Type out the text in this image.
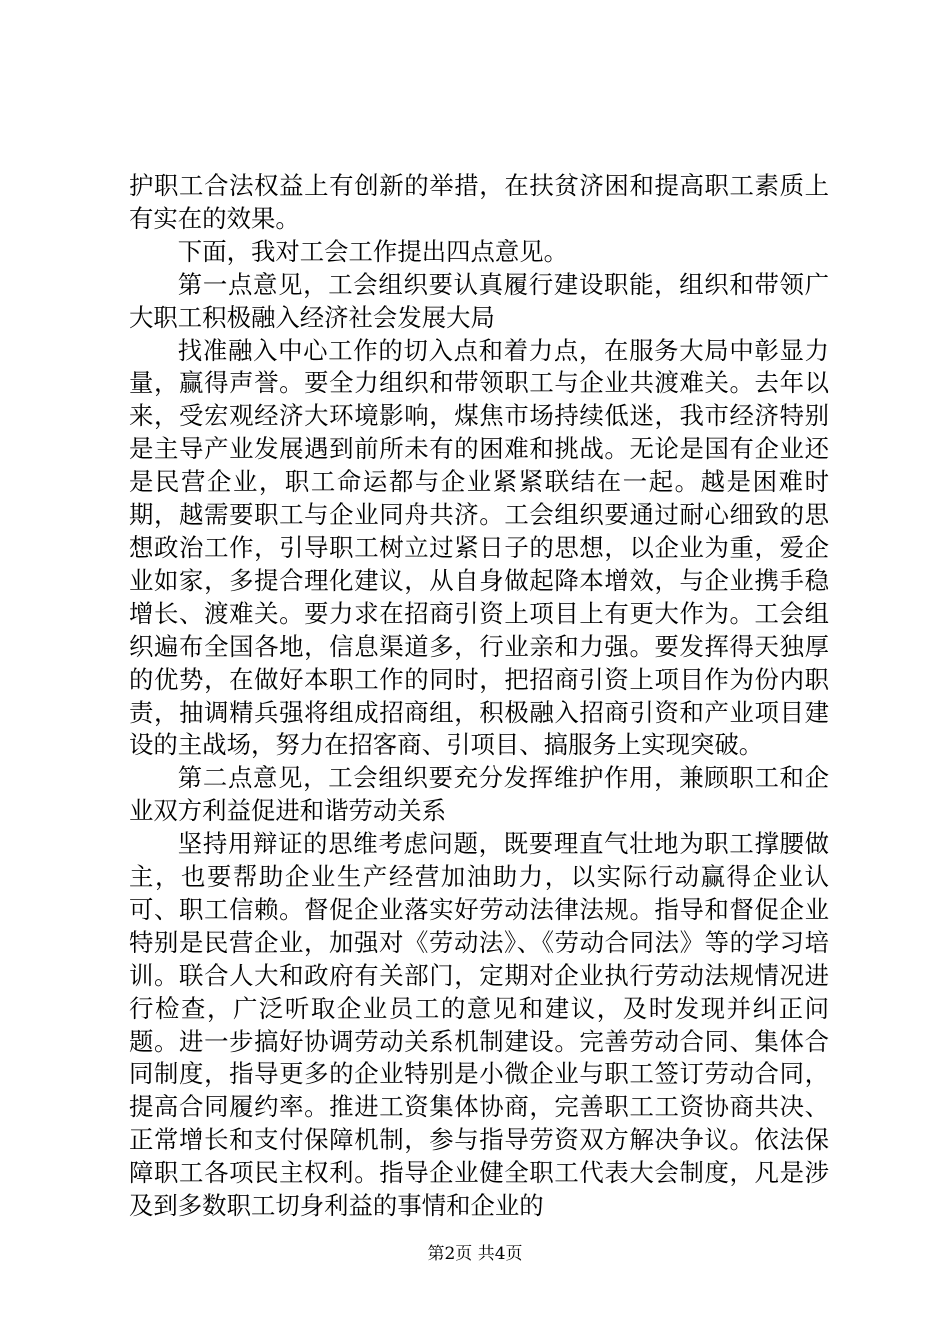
护职工合法权益上有创新的举措，在扶贫济困和提高职工素质上有实在的效果。

下面，我对工会工作提出四点意见。

第一点意见，工会组织要认真履行建设职能，组织和带领广大职工积极融入经济社会发展大局

找准融入中心工作的切入点和着力点，在服务大局中彰显力量，赢得声誉。要全力组织和带领职工与企业共渡难关。去年以来，受宏观经济大环境影响，煤焦市场持续低迷，我市经济特别是主导产业发展遇到前所未有的困难和挑战。无论是国有企业还是民营企业，职工命运都与企业紧紧联结在一起。越是困难时期，越需要职工与企业同舟共济。工会组织要通过耐心细致的思想政治工作，引导职工树立过紧日子的思想，以企业为重，爱企业如家，多提合理化建议，从自身做起降本增效，与企业携手稳增长、渡难关。要力求在招商引资上项目上有更大作为。工会组织遍布全国各地，信息渠道多，行业亲和力强。要发挥得天独厚的优势，在做好本职工作的同时，把招商引资上项目作为份内职责，抽调精兵强将组成招商组，积极融入招商引资和产业项目建设的主战场，努力在招客商、引项目、搞服务上实现突破。

第二点意见，工会组织要充分发挥维护作用，兼顾职工和企业双方利益促进和谐劳动关系

坚持用辩证的思维考虑问题，既要理直气壮地为职工撑腰做主，也要帮助企业生产经营加油助力，以实际行动赢得企业认可、职工信赖。督促企业落实好劳动法律法规。指导和督促企业特别是民营企业，加强对《劳动法》、《劳动合同法》等的学习培训。联合人大和政府有关部门，定期对企业执行劳动法规情况进行检查，广泛听取企业员工的意见和建议，及时发现并纠正问题。进一步搞好协调劳动关系机制建设。完善劳动合同、集体合同制度，指导更多的企业特别是小微企业与职工签订劳动合同，提高合同履约率。推进工资集体协商，完善职工工资协商共决、正常增长和支付保障机制，参与指导劳资双方解决争议。依法保障职工各项民主权利。指导企业健全职工代表大会制度，凡是涉及到多数职工切身利益的事情和企业的

第2页 共4页
